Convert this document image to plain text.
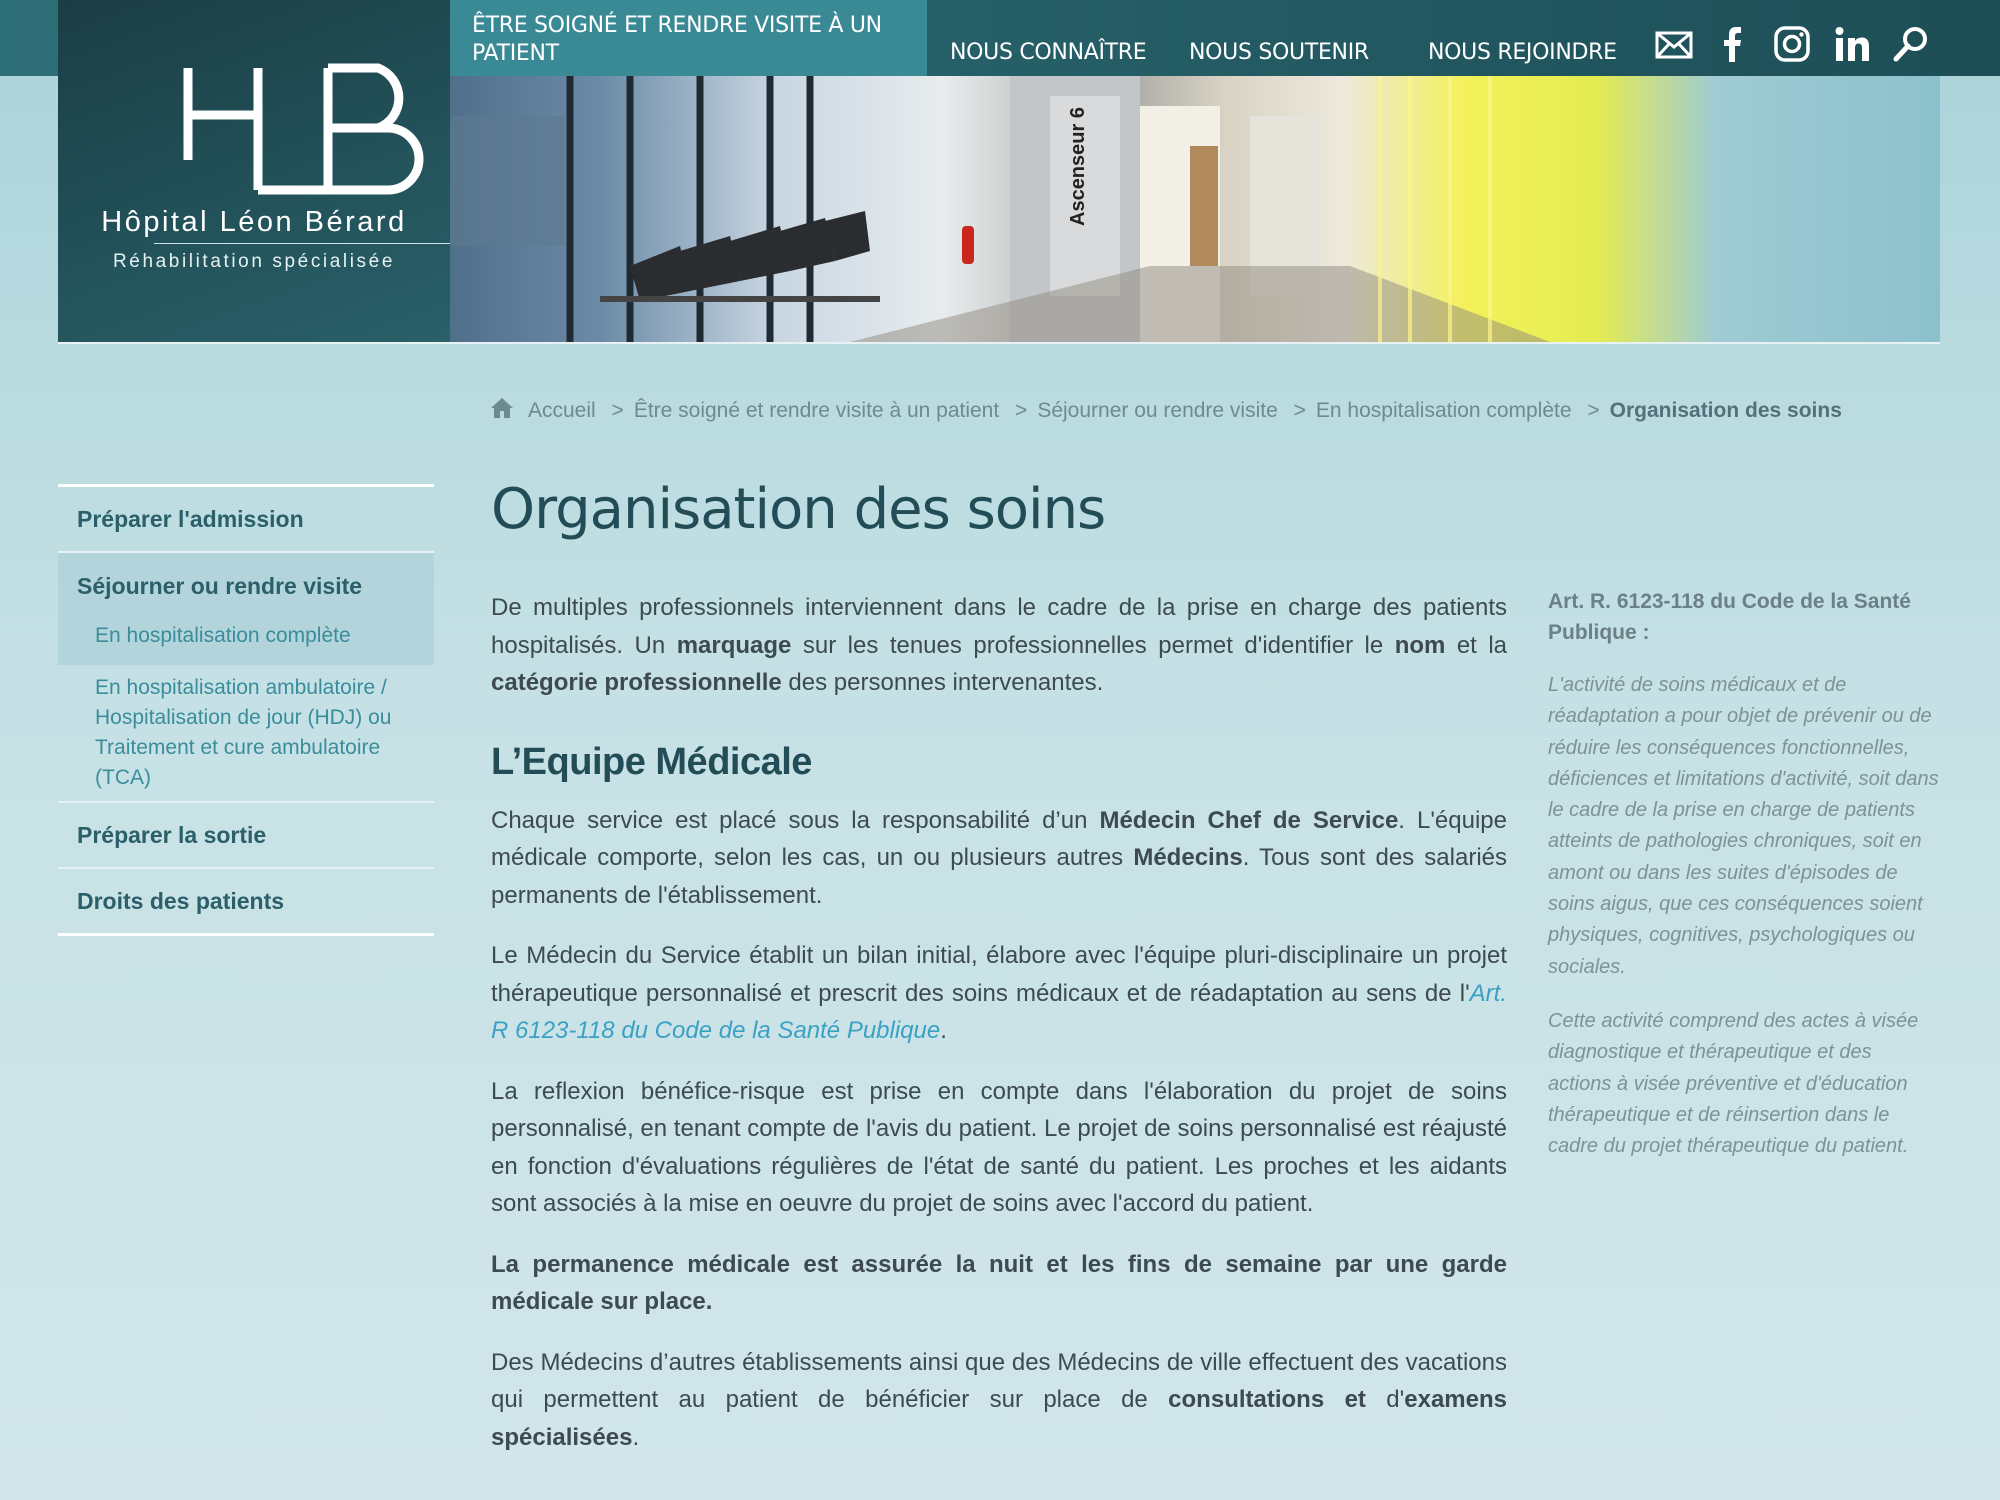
Hôpital Léon Bérard
Réhabilitation spécialisée
ÊTRE SOIGNÉ ET RENDRE VISITE À UN PATIENT	NOUS CONNAÎTRE NOUS SOUTENIR	NOUS REJOINDRE
Ascenseur 6
Accueil > Être soigné et rendre visite à un patient > Séjourner ou rendre visite > En hospitalisation complète > Organisation des soins
Préparer l'admission
Séjourner ou rendre visite
En hospitalisation complète
En hospitalisation ambulatoire / Hospitalisation de jour (HDJ) ou Traitement et cure ambulatoire (TCA)
Préparer la sortie
Droits des patients
Organisation des soins

De multiples professionnels interviennent dans le cadre de la prise en charge des patients hospitalisés. Un marquage sur les tenues professionnelles permet d'identifier le nom et la catégorie professionnelle des personnes intervenantes.

L’Equipe Médicale

Chaque service est placé sous la responsabilité d’un Médecin Chef de Service. L'équipe médicale comporte, selon les cas, un ou plusieurs autres Médecins. Tous sont des salariés permanents de l'établissement.

Le Médecin du Service établit un bilan initial, élabore avec l'équipe pluri-disciplinaire un projet thérapeutique personnalisé et prescrit des soins médicaux et de réadaptation au sens de l'Art. R 6123-118 du Code de la Santé Publique.

La reflexion bénéfice-risque est prise en compte dans l'élaboration du projet de soins personnalisé, en tenant compte de l'avis du patient. Le projet de soins personnalisé est réajusté en fonction d'évaluations régulières de l'état de santé du patient. Les proches et les aidants sont associés à la mise en oeuvre du projet de soins avec l'accord du patient.

La permanence médicale est assurée la nuit et les fins de semaine par une garde médicale sur place.

Des Médecins d’autres établissements ainsi que des Médecins de ville effectuent des vacations qui permettent au patient de bénéficier sur place de consultations et d'examens spécialisées.

Art. R. 6123-118 du Code de la Santé Publique :

L'activité de soins médicaux et de réadaptation a pour objet de prévenir ou de réduire les conséquences fonctionnelles, déficiences et limitations d'activité, soit dans le cadre de la prise en charge de patients atteints de pathologies chroniques, soit en amont ou dans les suites d'épisodes de soins aigus, que ces conséquences soient physiques, cognitives, psychologiques ou sociales.

Cette activité comprend des actes à visée diagnostique et thérapeutique et des actions à visée préventive et d'éducation thérapeutique et de réinsertion dans le cadre du projet thérapeutique du patient.
